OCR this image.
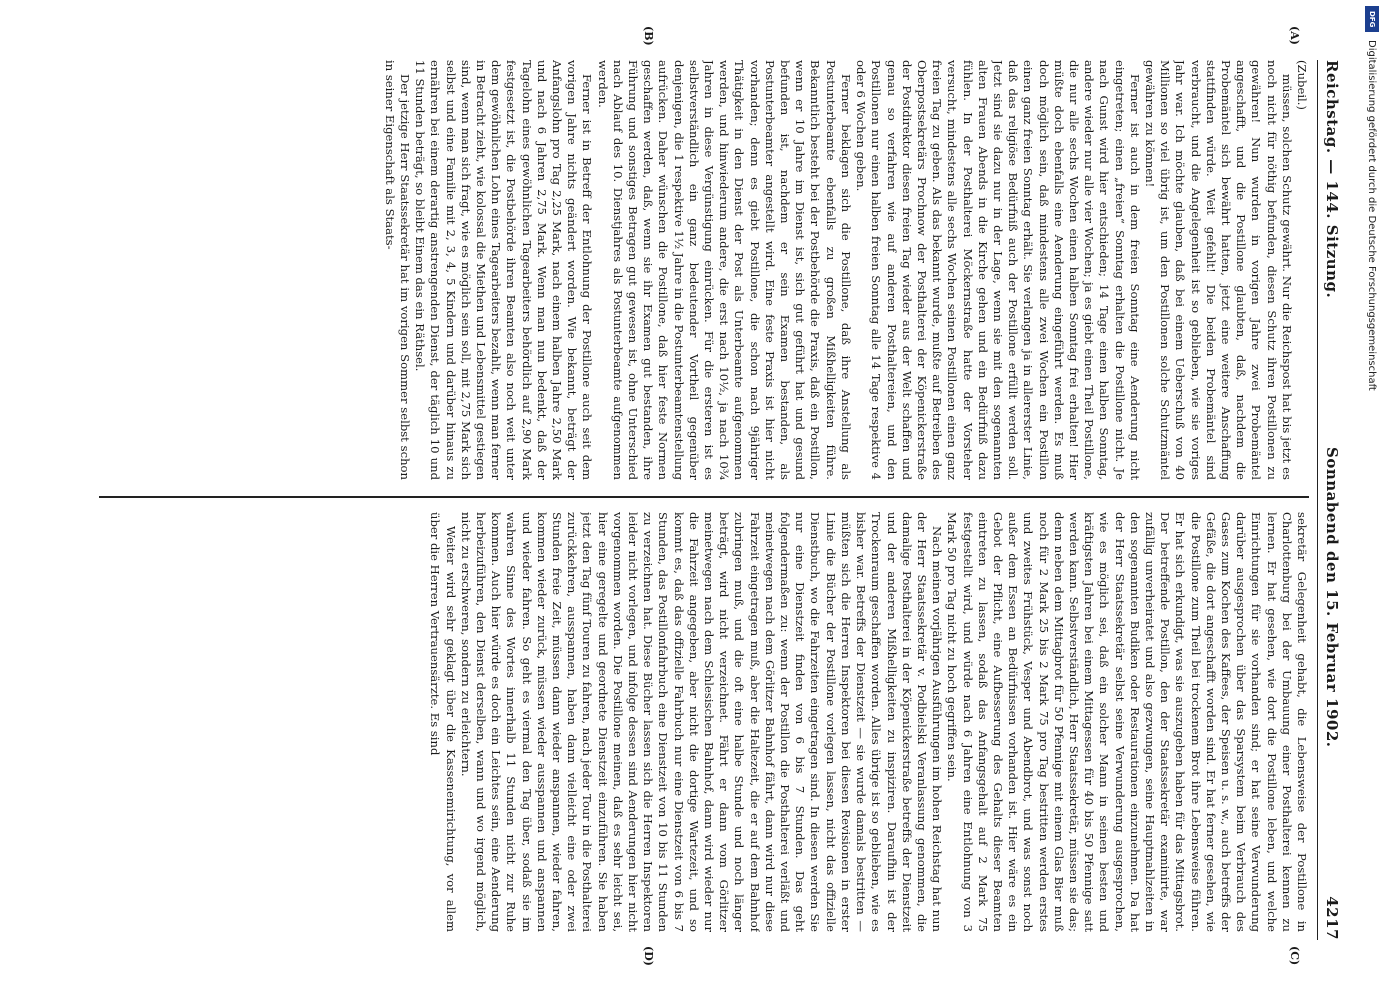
DFG
Digitalisierung gefördert durch die Deutsche Forschungsgemeinschaft
Reichstag. — 144. Sitzung.
Sonnabend den 15. Februar 1902.
4217
(A)
(B)
(C)
(D)

(Zubeil.)

müssen, solchen Schutz gewährt. Nur die Reichspost hat bis jetzt es noch nicht für nöthig befunden, diesen Schutz ihren Postillonen zu gewähren! Nun wurden in vorigen Jahre zwei Probemäntel angeschafft, und die Postillone glaubten, daß, nachdem die Probemäntel sich bewährt hatten, jetzt eine weitere Anschaffung stattfinden würde. Weit gefehlt! Die beiden Probemäntel sind verbraucht, und die Angelegenheit ist so geblieben, wie sie voriges Jahr war. Ich möchte glauben, daß bei einem Ueberschuß von 40 Millionen so viel übrig ist, um den Postillonen solche Schutzmäntel gewähren zu können!

Ferner ist auch in dem freien Sonntag eine Aenderung nicht eingetreten; einen „freien“ Sonntag erhalten die Postillone nicht. Je nach Gunst wird hier entschieden; 14 Tage einen halben Sonntag, andere wieder nur alle vier Wochen; ja es giebt einen Theil Postillone, die nur alle sechs Wochen einen halben Sonntag frei erhalten! Hier müßte doch ebenfalls eine Aenderung eingeführt werden. Es muß doch möglich sein, daß mindestens alle zwei Wochen ein Postillon einen ganz freien Sonntag erhält. Sie verlangen ja in allererster Linie, daß das religiöse Bedürfniß auch der Postillone erfüllt werden soll. Jetzt sind sie dazu nur in der Lage, wenn sie mit den sogenannten alten Frauen Abends in die Kirche gehen und ein Bedürfniß dazu fühlen. In der Posthalterei Möckernstraße hatte der Vorsteher versucht, mindestens alle sechs Wochen seinen Postillonen einen ganz freien Tag zu geben. Als das bekannt wurde, mußte auf Betreiben des Oberpostsekretärs Prochnow der Posthalterei der Köpenickerstraße der Postdirektor diesen freien Tag wieder aus der Welt schaffen und genau so verfahren wie auf anderen Posthaltereien, und den Postillonen nur einen halben freien Sonntag alle 14 Tage respektive 4 oder 6 Wochen geben.

Ferner beklagen sich die Postillone, daß ihre Anstellung als Postunterbeamte ebenfalls zu großen Mißhelligkeiten führe. Bekanntlich besteht bei der Postbehörde die Praxis, daß ein Postillon, wenn er 10 Jahre im Dienst ist, sich gut geführt hat und gesund befunden ist, nachdem er sein Examen bestanden, als Postunterbeamter angestellt wird. Eine feste Praxis ist hier nicht vorhanden; denn es giebt Postillone, die schon nach 9jähriger Thätigkeit in den Dienst der Post als Unterbeamte aufgenommen werden, und hinwiederum andere, die erst nach 10½, ja nach 10¾ Jahren in diese Vergünstigung einrücken. Für die ersteren ist es selbstverständlich ein ganz bedeutender Vortheil gegenüber denjenigen, die 1 respektive 1½ Jahre in die Postunterbeamtenstellung aufrücken. Daher wünschen die Postillone, daß hier feste Normen geschaffen werden, daß, wenn sie ihr Examen gut bestanden, ihre Führung und sonstiges Betragen gut gewesen ist, ohne Unterschied nach Ablauf des 10. Dienstjahres als Postunterbeamte aufgenommen werden.

Ferner ist in Betreff der Entlohnung der Postillone auch seit dem vorigen Jahre nichts geändert worden. Wie bekannt, beträgt der Anfangslohn pro Tag 2,25 Mark, nach einem halben Jahre 2,50 Mark und nach 6 Jahren 2,75 Mark. Wenn man nun bedenkt, daß der Tagelohn eines gewöhnlichen Tagearbeiters behördlich auf 2,90 Mark festgesetzt ist, die Postbehörde ihren Beamten also noch weit unter dem gewöhnlichen Lohn eines Tagearbeiters bezahlt, wenn man ferner in Betracht zieht, wie kolossal die Miethen und Lebensmittel gestiegen sind, wenn man sich fragt, wie es möglich sein soll, mit 2,75 Mark sich selbst und eine Familie mit 2, 3, 4, 5 Kindern und darüber hinaus zu ernähren bei einem derartig anstrengenden Dienst, der täglich 10 und 11 Stunden beträgt, so bleibt Einem das ein Räthsel.

Der jetzige Herr Staatssekretär hat im vorigen Sommer selbst schon in seiner Eigenschaft als Staats-

sekretär Gelegenheit gehabt, die Lebensweise der Postillone in Charlottenburg bei der Umbauung einer Posthalterei kennen zu lernen. Er hat gesehen, wie dort die Postillone leben, und welche Einrichtungen für sie vorhanden sind; er hat seine Verwunderung darüber ausgesprochen über das Sparsystem beim Verbrauch des Gases zum Kochen des Kaffees, der Speisen u. s. w., auch betreffs der Gefäße, die dort angeschafft worden sind. Er hat ferner gesehen, wie die Postillone zum Theil bei trockenem Brot ihre Lebensweise führen. Er hat sich erkundigt, was sie auszugeben haben für das Mittagsbrot. Der betreffende Postillon, den der Staatssekretär examinirte, war zufällig unverheiratet und also gezwungen, seine Hauptmahlzeiten in den sogenannten Budiken oder Restaurationen einzunehmen. Da hat der Herr Staatssekretär selbst seine Verwunderung ausgesprochen, wie es möglich sei, daß ein solcher Mann in seinen besten und kräftigsten Jahren bei einem Mittagessen für 40 bis 50 Pfennige satt werden kann. Selbstverständlich, Herr Staatssekretär, müssen sie das; denn neben dem Mittagbrot für 50 Pfennige mit einem Glas Bier muß noch für 2 Mark 25 bis 2 Mark 75 pro Tag bestritten werden erstes und zweites Frühstück, Vesper und Abendbrot, und was sonst noch außer dem Essen an Bedürfnissen vorhanden ist. Hier wäre es ein Gebot der Pflicht, eine Aufbesserung des Gehalts dieser Beamten eintreten zu lassen, sodaß das Anfangsgehalt auf 2 Mark 75 festgestellt wird, und würde nach 6 Jahren eine Entlohnung von 3 Mark 50 pro Tag nicht zu hoch gegriffen sein.

Nach meinen vorjährigen Ausführungen im hohen Reichstag hat nun der Herr Staatssekretär v. Podbielski Veranlassung genommen, die damalige Posthalterei in der Köpenickerstraße betreffs der Dienstzeit und der anderen Mißhelligkeiten zu inspiziren. Daraufhin ist der Trockenraum geschaffen worden. Alles übrige ist so geblieben, wie es bisher war. Betreffs der Dienstzeit — sie wurde damals bestritten — müßten sich die Herren Inspektoren bei diesen Revisionen in erster Linie die Bücher der Postillone vorlegen lassen, nicht das offizielle Dienstbuch, wo die Fahrzeiten eingetragen sind. In diesen werden Sie nur eine Dienstzeit finden von 6 bis 7 Stunden. Das geht folgendermaßen zu: wenn der Postillon die Posthalterei verläßt und meinetwegen nach dem Görlitzer Bahnhof fährt, dann wird nur diese Fahrzeit eingetragen muß, aber die Haltezeit, die er auf dem Bahnhof zubringen muß, und die oft eine halbe Stunde und noch länger beträgt, wird nicht verzeichnet. Fährt er dann vom Görlitzer meinetwegen nach dem Schlesischen Bahnhof, dann wird wieder nur die Fahrzeit angegeben, aber nicht die dortige Wartezeit, und so kommt es, daß das offizielle Fahrbuch nur eine Dienstzeit von 6 bis 7 Stunden, das Postillonfahrbuch eine Dienstzeit von 10 bis 11 Stunden zu verzeichnen hat. Diese Bücher lassen sich die Herren Inspektoren leider nicht vorlegen, und infolge dessen sind Aenderungen hier nicht vorgenommen worden. Die Postillone meinen, daß es sehr leicht sei, hier eine geregelte und geordnete Dienstzeit einzuführen. Sie haben jetzt den Tag fünf Touren zu fahren, nach jeder Tour in die Posthalterei zurückkehren, ausspannen, haben dann vielleicht eine oder zwei Stunden freie Zeit, müssen dann wieder anspannen, wieder fahren, kommen wieder zurück, müssen wieder ausspannen und anspannen und wieder fahren. So geht es viermal den Tag über, sodaß sie im wahren Sinne des Wortes innerhalb 11 Stunden nicht zur Ruhe kommen. Auch hier würde es doch ein Leichtes sein, eine Aenderung herbeizuführen, den Dienst derselben, wann und wo irgend möglich, nicht zu erschweren, sondern zu erleichtern.

Weiter wird sehr geklagt über die Kassenemirichtung, vor allem über die Herren Vertrauensärzte. Es sind
